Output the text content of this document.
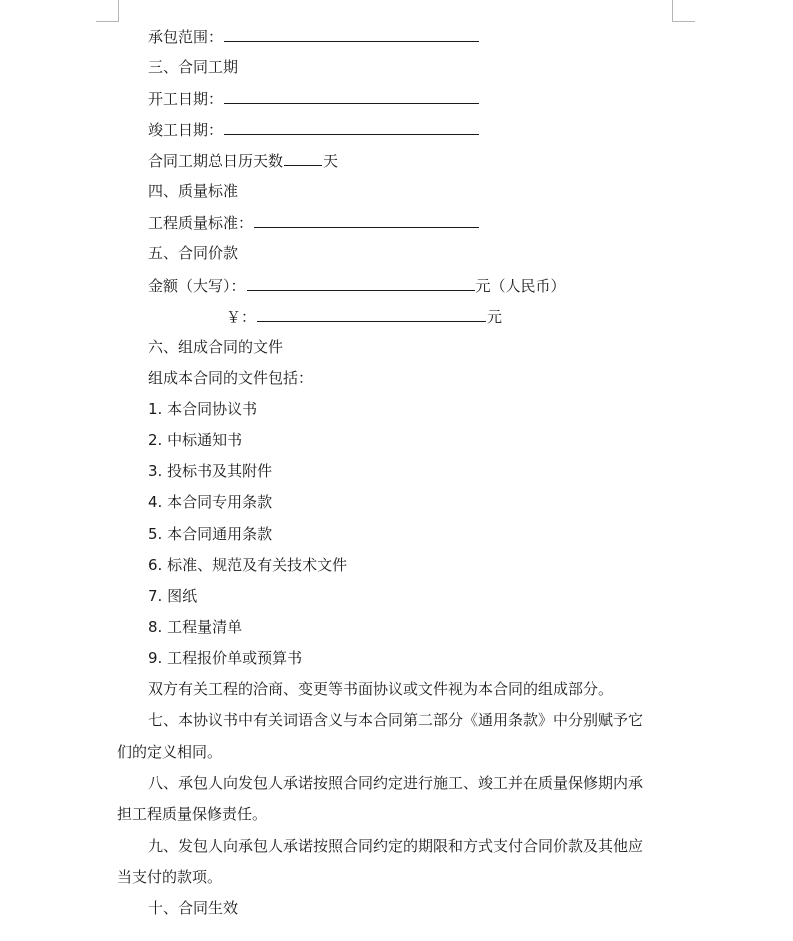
承包范围：
三、合同工期
开工日期：
竣工日期：
合同工期总日历天数	天
四、质量标准
工程质量标准：
五、合同价款
金额（大写）：	元（人民币）
￥：	元
六、组成合同的文件
组成本合同的文件包括：
1. 本合同协议书
2. 中标通知书
3. 投标书及其附件
4. 本合同专用条款
5. 本合同通用条款
6. 标准、规范及有关技术文件
7. 图纸
8. 工程量清单
9. 工程报价单或预算书
双方有关工程的洽商、变更等书面协议或文件视为本合同的组成部分。
七、本协议书中有关词语含义与本合同第二部分《通用条款》中分别赋予它
们的定义相同。
八、承包人向发包人承诺按照合同约定进行施工、竣工并在质量保修期内承
担工程质量保修责任。
九、发包人向承包人承诺按照合同约定的期限和方式支付合同价款及其他应
当支付的款项。
十、合同生效
